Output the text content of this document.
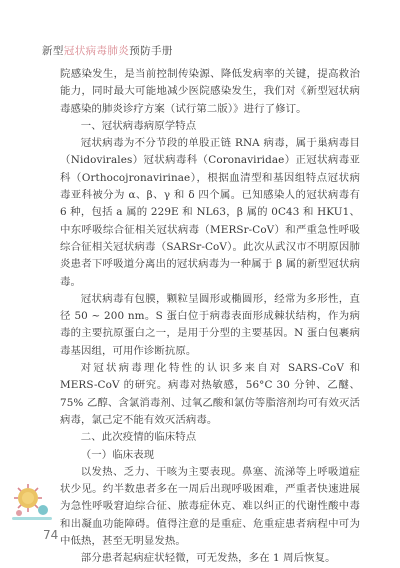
新型冠状病毒肺炎预防手册

院感染发生，是当前控制传染源、降低发病率的关键，提高救治能力，同时最大可能地减少医院感染发生，我们对《新型冠状病毒感染的肺炎诊疗方案（试行第二版）》进行了修订。

一、冠状病毒病原学特点

冠状病毒为不分节段的单股正链 RNA 病毒，属于巢病毒目（Nidovirales）冠状病毒科（Coronaviridae）正冠状病毒亚科（Orthocojronavirinae），根据血清型和基因组特点冠状病毒亚科被分为 α、β、γ 和 δ 四个属。已知感染人的冠状病毒有 6 种，包括 a 属的 229E 和 NL63，β 属的 0C43 和 HKU1、中东呼吸综合征相关冠状病毒（MERSr-CoV）和严重急性呼吸综合征相关冠状病毒（SARSr-CoV）。此次从武汉市不明原因肺炎患者下呼吸道分离出的冠状病毒为一种属于 β 属的新型冠状病毒。

冠状病毒有包膜，颗粒呈圆形或椭圆形，经常为多形性，直径 50 ~ 200 nm。S 蛋白位于病毒表面形成棘状结构，作为病毒的主要抗原蛋白之一，是用于分型的主要基因。N 蛋白包裹病毒基因组，可用作诊断抗原。

对冠状病毒理化特性的认识多来自对 SARS-CoV 和 MERS-CoV 的研究。病毒对热敏感，56°C 30 分钟、乙醚、75% 乙醇、含氯消毒剂、过氧乙酸和氯仿等脂溶剂均可有效灭活病毒，氯己定不能有效灭活病毒。

二、此次疫情的临床特点

（一）临床表现

以发热、乏力、干咳为主要表现。鼻塞、流涕等上呼吸道症状少见。约半数患者多在一周后出现呼吸困难，严重者快速进展为急性呼吸窘迫综合征、脓毒症休克、难以纠正的代谢性酸中毒和出凝血功能障碍。值得注意的是重症、危重症患者病程中可为中低热，甚至无明显发热。

部分患者起病症状轻微，可无发热，多在 1 周后恢复。

74
